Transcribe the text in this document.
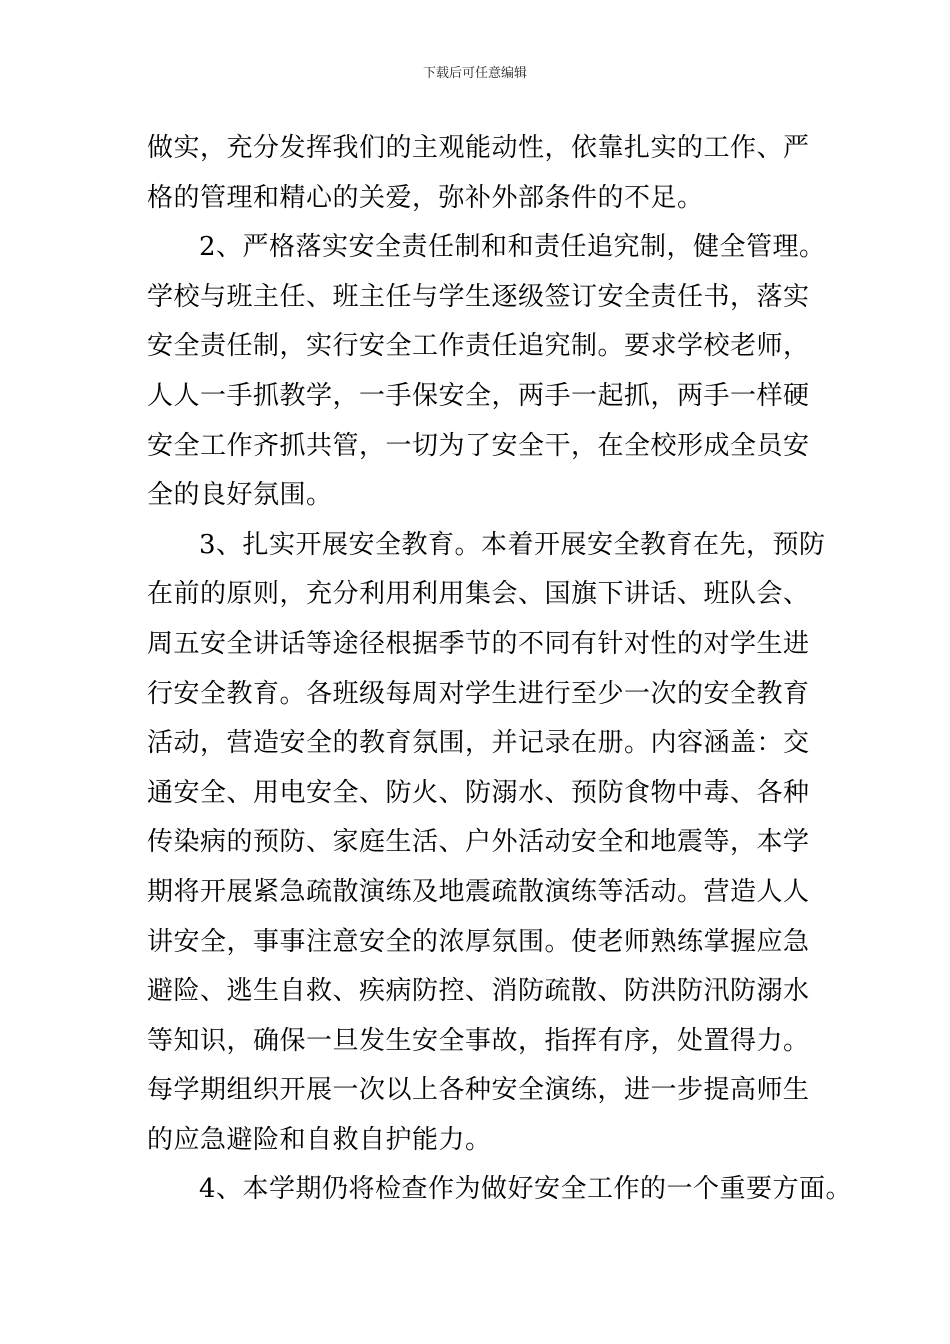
下载后可任意编辑
做实，充分发挥我们的主观能动性，依靠扎实的工作、严
格的管理和精心的关爱，弥补外部条件的不足。
2、严格落实安全责任制和和责任追究制，健全管理。
学校与班主任、班主任与学生逐级签订安全责任书，落实
安全责任制，实行安全工作责任追究制。要求学校老师，
人人一手抓教学，一手保安全，两手一起抓，两手一样硬
安全工作齐抓共管，一切为了安全干，在全校形成全员安
全的良好氛围。
3、扎实开展安全教育。本着开展安全教育在先，预防
在前的原则，充分利用利用集会、国旗下讲话、班队会、
周五安全讲话等途径根据季节的不同有针对性的对学生进
行安全教育。各班级每周对学生进行至少一次的安全教育
活动，营造安全的教育氛围，并记录在册。内容涵盖：交
通安全、用电安全、防火、防溺水、预防食物中毒、各种
传染病的预防、家庭生活、户外活动安全和地震等，本学
期将开展紧急疏散演练及地震疏散演练等活动。营造人人
讲安全，事事注意安全的浓厚氛围。使老师熟练掌握应急
避险、逃生自救、疾病防控、消防疏散、防洪防汛防溺水
等知识，确保一旦发生安全事故，指挥有序，处置得力。
每学期组织开展一次以上各种安全演练，进一步提高师生
的应急避险和自救自护能力。
4、本学期仍将检查作为做好安全工作的一个重要方面。
